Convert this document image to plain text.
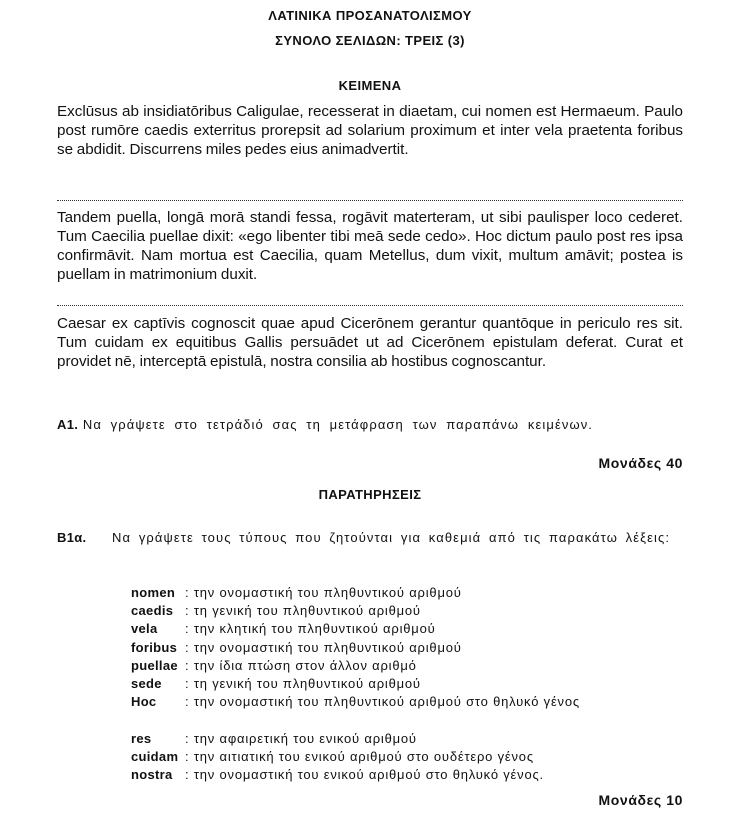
ΛΑΤΙΝΙΚΑ ΠΡΟΣΑΝΑΤΟΛΙΣΜΟΥ
ΣΥΝΟΛΟ ΣΕΛΙΔΩΝ: ΤΡΕΙΣ (3)
ΚΕΙΜΕΝΑ
Exclūsus ab insidiatōribus Caligulae, recesserat in diaetam, cui nomen est Hermaeum. Paulo post rumōre caedis exterritus prorepsit ad solarium proximum et inter vela praetenta foribus se abdidit. Discurrens miles pedes eius animadvertit.
Tandem puella, longā morā standi fessa, rogāvit materteram, ut sibi paulisper loco cederet. Tum Caecilia puellae dixit: «ego libenter tibi meā sede cedo». Hoc dictum paulo post res ipsa confirmāvit. Nam mortua est Caecilia, quam Metellus, dum vixit, multum amāvit; postea is puellam in matrimonium duxit.
Caesar ex captīvis cognoscit quae apud Cicerōnem gerantur quantōque in periculo res sit. Tum cuidam ex equitibus Gallis persuādet ut ad Cicerōnem epistulam deferat. Curat et providet nē, interceptā epistulā, nostra consilia ab hostibus cognoscantur.
Α1. Να γράψετε στο τετράδιό σας τη μετάφραση των παραπάνω κειμένων.
Μονάδες 40
ΠΑΡΑΤΗΡΗΣΕΙΣ
Β1α. Να γράψετε τους τύπους που ζητούνται για καθεμιά από τις παρακάτω λέξεις:
nomen : την ονομαστική του πληθυντικού αριθμού
caedis : τη γενική του πληθυντικού αριθμού
vela : την κλητική του πληθυντικού αριθμού
foribus : την ονομαστική του πληθυντικού αριθμού
puellae : την ίδια πτώση στον άλλον αριθμό
sede : τη γενική του πληθυντικού αριθμού
Hoc : την ονομαστική του πληθυντικού αριθμού στο θηλυκό γένος
res	: την αφαιρετική του ενικού αριθμού
cuidam : την αιτιατική του ενικού αριθμού στο ουδέτερο γένος
nostra : την ονομαστική του ενικού αριθμού στο θηλυκό γένος.
Μονάδες 10
